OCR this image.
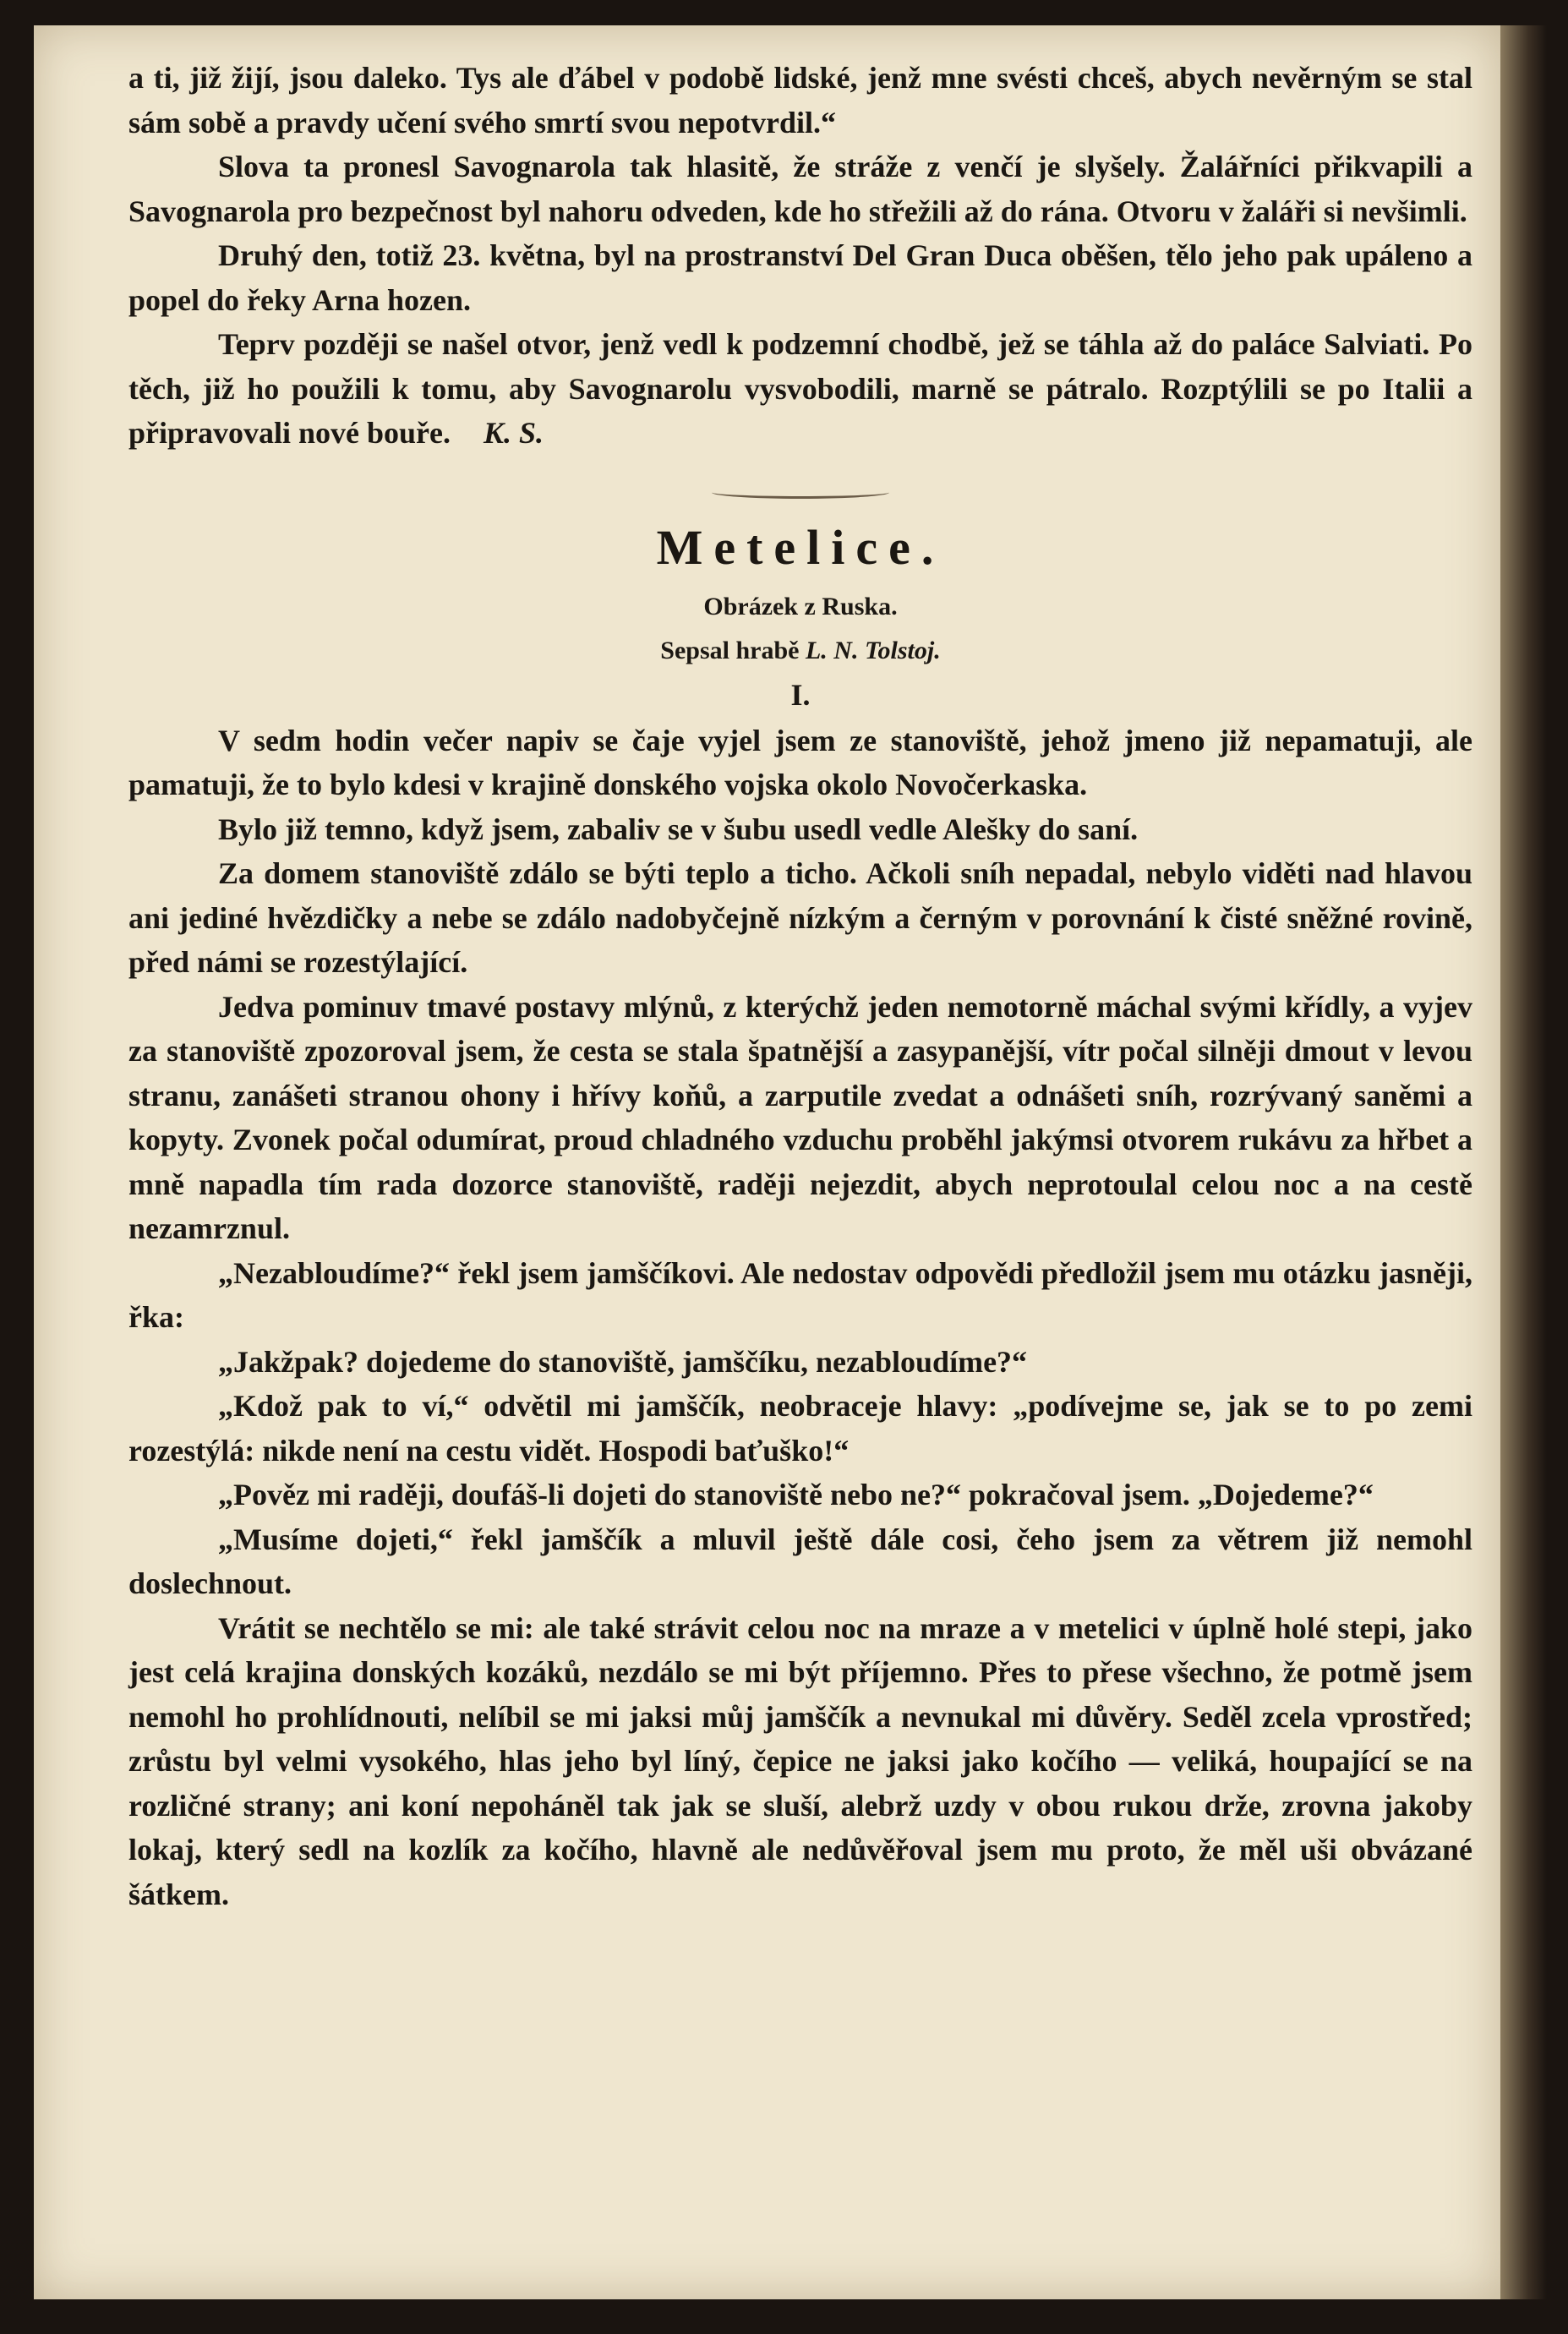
a ti, již žijí, jsou daleko. Tys ale ďábel v podobě lidské, jenž mne svésti chceš, abych nevěrným se stal sám sobě a pravdy učení svého smrtí svou nepotvrdil.“

Slova ta pronesl Savognarola tak hlasitě, že stráže z venčí je slyšely. Žalářníci přikvapili a Savognarola pro bezpečnost byl nahoru odveden, kde ho střežili až do rána. Otvoru v žaláři si nevšimli.

Druhý den, totiž 23. května, byl na prostranství Del Gran Duca oběšen, tělo jeho pak upáleno a popel do řeky Arna hozen.

Teprv později se našel otvor, jenž vedl k podzemní chodbě, jež se táhla až do paláce Salviati. Po těch, již ho použili k tomu, aby Savognarolu vysvobodili, marně se pátralo. Rozptýlili se po Italii a připravovali nové bouře. K. S.

Metelice.

Obrázek z Ruska.

Sepsal hrabě L. N. Tolstoj.

I.

V sedm hodin večer napiv se čaje vyjel jsem ze stanoviště, jehož jmeno již nepamatuji, ale pamatuji, že to bylo kdesi v krajině donského vojska okolo Novočerkaska.

Bylo již temno, když jsem, zabaliv se v šubu usedl vedle Alešky do saní.

Za domem stanoviště zdálo se býti teplo a ticho. Ačkoli sníh nepadal, nebylo viděti nad hlavou ani jediné hvězdičky a nebe se zdálo nadobyčejně nízkým a černým v porovnání k čisté sněžné rovině, před námi se rozestýlající.

Jedva pominuv tmavé postavy mlýnů, z kterýchž jeden nemotorně máchal svými křídly, a vyjev za stanoviště zpozoroval jsem, že cesta se stala špatnější a zasypanější, vítr počal silněji dmout v levou stranu, zanášeti stranou ohony i hřívy koňů, a zarputile zvedat a odnášeti sníh, rozrývaný saněmi a kopyty. Zvonek počal odumírat, proud chladného vzduchu proběhl jakýmsi otvorem rukávu za hřbet a mně napadla tím rada dozorce stanoviště, raději nejezdit, abych neprotoulal celou noc a na cestě nezamrznul.

„Nezabloudíme?“ řekl jsem jamščíkovi. Ale nedostav odpovědi předložil jsem mu otázku jasněji, řka:

„Jakžpak? dojedeme do stanoviště, jamščíku, nezabloudíme?“

„Kdož pak to ví,“ odvětil mi jamščík, neobraceje hlavy: „podívejme se, jak se to po zemi rozestýlá: nikde není na cestu vidět. Hospodi baťuško!“

„Pověz mi raději, doufáš-li dojeti do stanoviště nebo ne?“ pokračoval jsem. „Dojedeme?“

„Musíme dojeti,“ řekl jamščík a mluvil ještě dále cosi, čeho jsem za větrem již nemohl doslechnout.

Vrátit se nechtělo se mi: ale také strávit celou noc na mraze a v metelici v úplně holé stepi, jako jest celá krajina donských kozáků, nezdálo se mi být příjemno. Přes to přese všechno, že potmě jsem nemohl ho prohlídnouti, nelíbil se mi jaksi můj jamščík a nevnukal mi důvěry. Seděl zcela vprostřed; zrůstu byl velmi vysokého, hlas jeho byl líný, čepice ne jaksi jako kočího — veliká, houpající se na rozličné strany; ani koní nepoháněl tak jak se sluší, alebrž uzdy v obou rukou drže, zrovna jakoby lokaj, který sedl na kozlík za kočího, hlavně ale nedůvěřoval jsem mu proto, že měl uši obvázané šátkem.
